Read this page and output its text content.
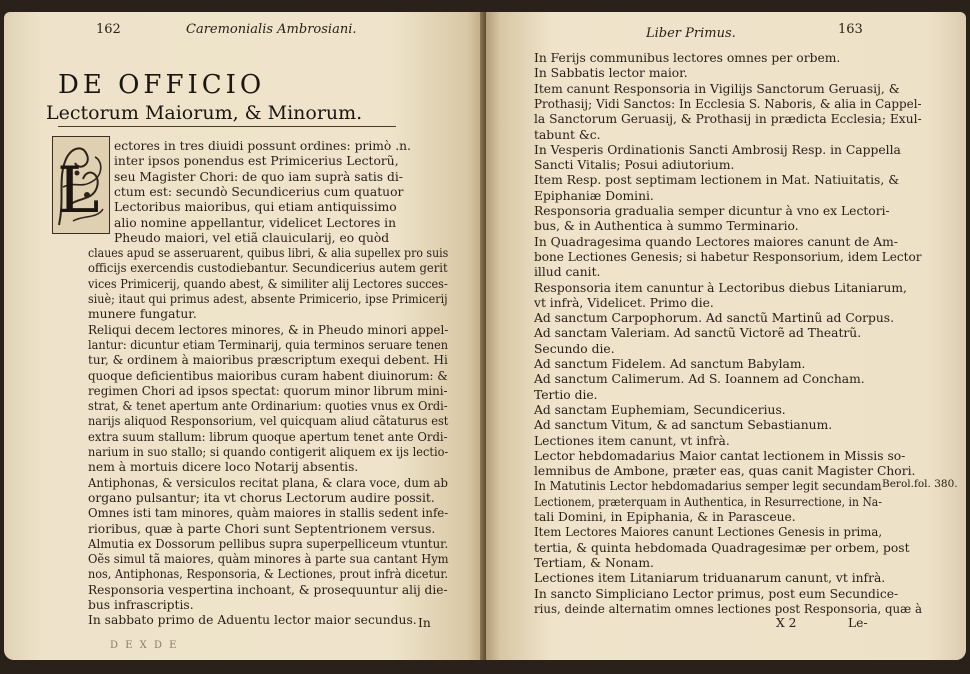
162	Caremonialis Ambrosiani.
DE OFFICIO
Lectorum Maiorum, & Minorum.
L
ectores in tres diuidi possunt ordines: primò .n.
inter ipsos ponendus est Primicerius Lectorũ,
seu Magister Chori: de quo iam suprà satis di-
ctum est: secundò Secundicerius cum quatuor
Lectoribus maioribus, qui etiam antiquissimo
alio nomine appellantur, videlicet Lectores in
Pheudo maiori, vel etiã clauicularij, eo quòd
claues apud se asseruarent, quibus libri, & alia supellex pro suis
officijs exercendis custodiebantur. Secundicerius autem gerit
vices Primicerij, quando abest, & similiter alij Lectores succes-
siuè; itaut qui primus adest, absente Primicerio, ipse Primicerij
munere fungatur.
Reliqui decem lectores minores, & in Pheudo minori appel-
lantur: dicuntur etiam Terminarij, quia terminos seruare tenen
tur, & ordinem à maioribus præscriptum exequi debent. Hi
quoque deficientibus maioribus curam habent diuinorum: &
regimen Chori ad ipsos spectat: quorum minor librum mini-
strat, & tenet apertum ante Ordinarium: quoties vnus ex Ordi-
narijs aliquod Responsorium, vel quicquam aliud cãtaturus est
extra suum stallum: librum quoque apertum tenet ante Ordi-
narium in suo stallo; si quando contigerit aliquem ex ijs lectio-
nem à mortuis dicere loco Notarij absentis.
Antiphonas, & versiculos recitat plana, & clara voce, dum ab
organo pulsantur; ita vt chorus Lectorum audire possit.
Omnes isti tam minores, quàm maiores in stallis sedent infe-
rioribus, quæ à parte Chori sunt Septentrionem versus.
Almutia ex Dossorum pellibus supra superpelliceum vtuntur.
Oẽs simul tã maiores, quàm minores à parte sua cantant Hym
nos, Antiphonas, Responsoria, & Lectiones, prout infrà dicetur.
Responsoria vespertina inchoant, & prosequuntur alij die-
bus infrascriptis.
In sabbato primo de Aduentu lector maior secundus. In
D E X D E
Liber Primus.	163
In Ferijs communibus lectores omnes per orbem.
In Sabbatis lector maior.
Item canunt Responsoria in Vigilijs Sanctorum Geruasij, &
Prothasij; Vidi Sanctos: In Ecclesia S. Naboris, & alia in Cappel-
la Sanctorum Geruasij, & Prothasij in prædicta Ecclesia; Exul-
tabunt &c.
In Vesperis Ordinationis Sancti Ambrosij Resp. in Cappella
Sancti Vitalis; Posui adiutorium.
Item Resp. post septimam lectionem in Mat. Natiuitatis, &
Epiphaniæ Domini.
Responsoria gradualia semper dicuntur à vno ex Lectori-
bus, & in Authentica à summo Terminario.
In Quadragesima quando Lectores maiores canunt de Am-
bone Lectiones Genesis; si habetur Responsorium, idem Lector
illud canit.
Responsoria item canuntur à Lectoribus diebus Litaniarum,
vt infrà, Videlicet. Primo die.
Ad sanctum Carpophorum. Ad sanctũ Martinũ ad Corpus.
Ad sanctam Valeriam. Ad sanctũ Victorẽ ad Theatrũ.
Secundo die.
Ad sanctum Fidelem. Ad sanctum Babylam.
Ad sanctum Calimerum. Ad S. Ioannem ad Concham.
Tertio die.
Ad sanctam Euphemiam, Secundicerius.
Ad sanctum Vitum, & ad sanctum Sebastianum.
Lectiones item canunt, vt infrà.
Lector hebdomadarius Maior cantat lectionem in Missis so-
lemnibus de Ambone, præter eas, quas canit Magister Chori.
In Matutinis Lector hebdomadarius semper legit secundam
Lectionem, præterquam in Authentica, in Resurrectione, in Na-
tali Domini, in Epiphania, & in Parasceue.
Item Lectores Maiores canunt Lectiones Genesis in prima,
tertia, & quinta hebdomada Quadragesimæ per orbem, post
Tertiam, & Nonam.
Lectiones item Litaniarum triduanarum canunt, vt infrà.
In sancto Simpliciano Lector primus, post eum Secundice-
rius, deinde alternatim omnes lectiones post Responsoria, quæ à
Berol.fol. 380.
X 2	Le-
